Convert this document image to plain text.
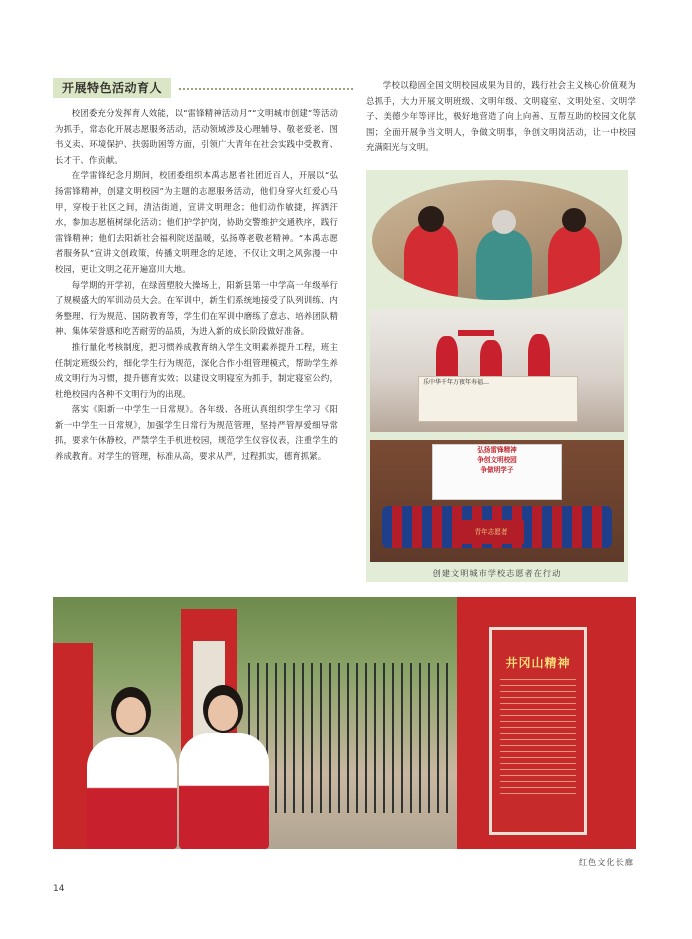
开展特色活动育人

校团委充分发挥育人效能，以“雷锋精神活动月”“文明城市创建”等活动为抓手，常态化开展志愿服务活动，活动领域涉及心理辅导、敬老爱老、图书义卖、环境保护、扶弱助困等方面，引领广大青年在社会实践中受教育、长才干、作贡献。

在学雷锋纪念月期间，校团委组织本禹志愿者社团近百人，开展以“弘扬雷锋精神，创建文明校园”为主题的志愿服务活动，他们身穿火红爱心马甲，穿梭于社区之间，清洁街道，宣讲文明理念；他们动作敏捷，挥洒汗水，参加志愿植树绿化活动；他们护学护岗，协助交警维护交通秩序，践行雷锋精神；他们去阳新社会福利院送温暖，弘扬尊老敬老精神。“本禹志愿者服务队”宣讲文创政策，传播文明理念的足迹，不仅让文明之风弥漫一中校园，更让文明之花开遍富川大地。

每学期的开学初，在绿茵塑胶大操场上，阳新县第一中学高一年级举行了规模盛大的军训动员大会。在军训中，新生们系统地接受了队列训练、内务整理、行为规范、国防教育等，学生们在军训中磨练了意志、培养团队精神、集体荣誉感和吃苦耐劳的品质，为进入新的成长阶段做好准备。

推行量化考核制度，把习惯养成教育纳入学生文明素养提升工程，班主任制定班级公约，细化学生行为规范，深化合作小组管理模式，帮助学生养成文明行为习惯，提升德育实效；以建设文明寝室为抓手，制定寝室公约，杜绝校园内各种不文明行为的出现。

落实《阳新一中学生一日常规》。各年级、各班认真组织学生学习《阳新一中学生一日常规》，加强学生日常行为规范管理，坚持严管厚爱细导常抓，要求午休静校，严禁学生手机进校园，规范学生仪容仪表，注重学生的养成教育。对学生的管理，标准从高，要求从严，过程抓实，德育抓紧。

学校以稳固全国文明校园成果为目的，践行社会主义核心价值观为总抓手，大力开展文明班级、文明年级、文明寝室、文明处室、文明学子、美德少年等评比，极好地营造了向上向善、互帮互助的校园文化氛围；全面开展争当文明人，争做文明事，争创文明岗活动，让一中校园充满阳光与文明。

乐中华千年万夜年寿福…
弘扬雷锋精神
争创文明校园
争做明学子
青年志愿者
创建文明城市学校志愿者在行动
井冈山精神
红色文化长廊
14
